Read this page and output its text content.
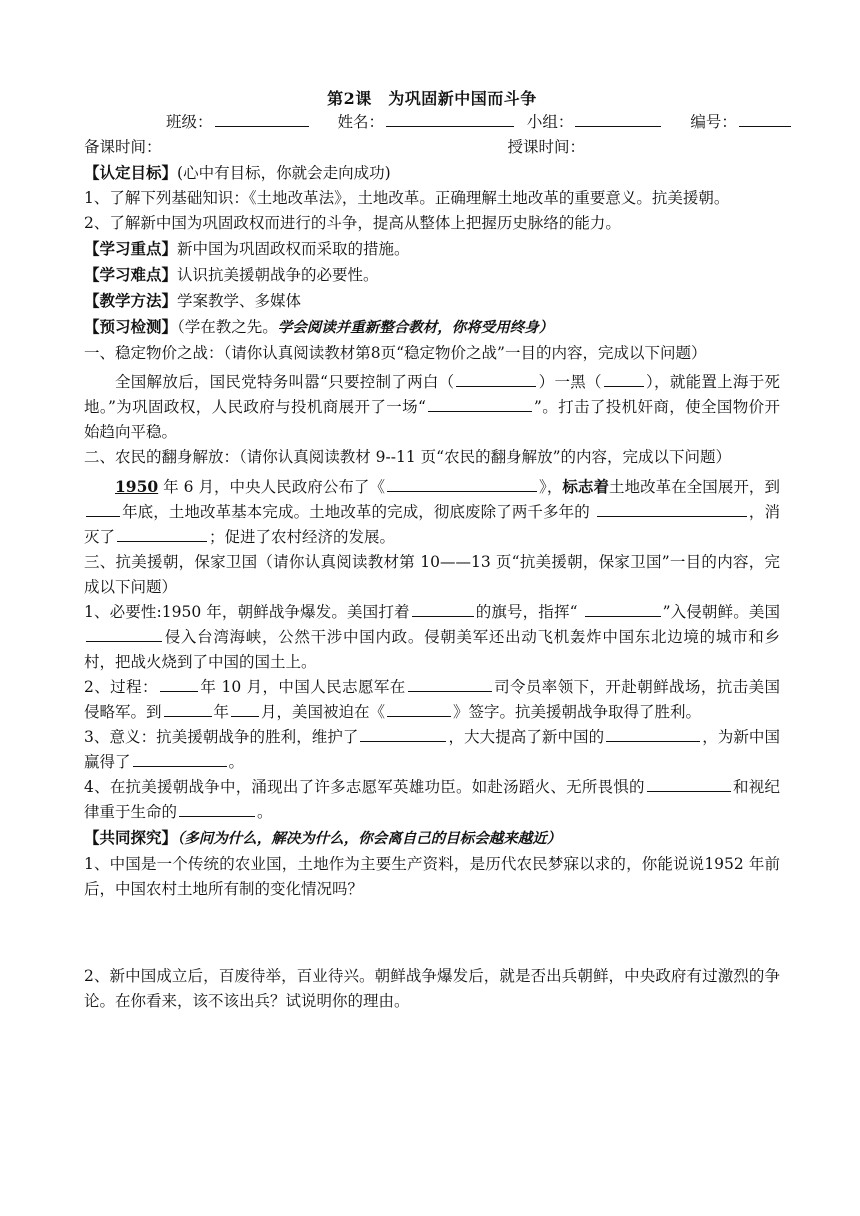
第2课　为巩固新中国而斗争

班级：	姓名：	小组：	编号：

备课时间：	授课时间：

【认定目标】(心中有目标，你就会走向成功)

1、了解下列基础知识：《土地改革法》，土地改革。正确理解土地改革的重要意义。抗美援朝。

2、了解新中国为巩固政权而进行的斗争，提高从整体上把握历史脉络的能力。

【学习重点】新中国为巩固政权而采取的措施。

【学习难点】认识抗美援朝战争的必要性。

【教学方法】学案教学、多媒体

【预习检测】（学在教之先。学会阅读并重新整合教材，你将受用终身）

一、稳定物价之战：（请你认真阅读教材第8页“稳定物价之战”一目的内容，完成以下问题）

全国解放后，国民党特务叫嚣“只要控制了两白（	）一黑（	），就能置上海于死地。”为巩固政权，人民政府与投机商展开了一场“	”。打击了投机奸商，使全国物价开始趋向平稳。

二、农民的翻身解放：（请你认真阅读教材 9--11 页“农民的翻身解放”的内容，完成以下问题）

1950 年 6 月，中央人民政府公布了《	》，标志着土地改革在全国展开，到 年底，土地改革基本完成。土地改革的完成，彻底废除了两千多年的	，消灭了	；促进了农村经济的发展。

三、抗美援朝，保家卫国（请你认真阅读教材第 10——13 页“抗美援朝，保家卫国”一目的内容，完成以下问题）

1、必要性:1950 年，朝鲜战争爆发。美国打着	的旗号，指挥“	”入侵朝鲜。美国侵入台湾海峡，公然干涉中国内政。侵朝美军还出动飞机轰炸中国东北边境的城市和乡村，把战火烧到了中国的国土上。

2、过程：	年 10 月，中国人民志愿军在	司令员率领下，开赴朝鲜战场，抗击美国侵略军。到	年 月，美国被迫在《	》签字。抗美援朝战争取得了胜利。

3、意义：抗美援朝战争的胜利，维护了	，大大提高了新中国的	，为新中国赢得了	。

4、在抗美援朝战争中，涌现出了许多志愿军英雄功臣。如赴汤蹈火、无所畏惧的	和视纪律重于生命的	。

【共同探究】（多问为什么，解决为什么，你会离自己的目标会越来越近）

1、中国是一个传统的农业国，土地作为主要生产资料，是历代农民梦寐以求的，你能说说1952 年前后，中国农村土地所有制的变化情况吗？

2、新中国成立后，百废待举，百业待兴。朝鲜战争爆发后，就是否出兵朝鲜，中央政府有过激烈的争论。在你看来，该不该出兵？试说明你的理由。
